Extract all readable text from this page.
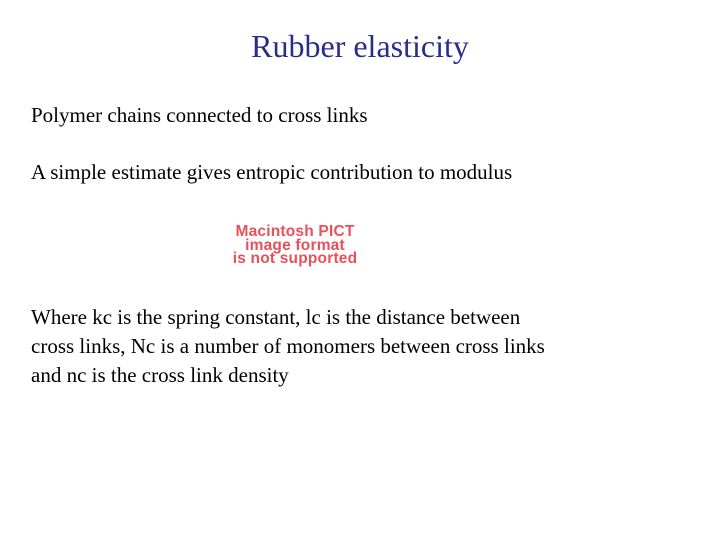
Rubber elasticity
Polymer chains connected to cross links
A simple estimate gives entropic contribution to modulus
Macintosh PICT
image format
is not supported
Where kc is the spring constant, lc is the distance between
cross links, Nc is a number of monomers between cross links
and nc is the cross link density
